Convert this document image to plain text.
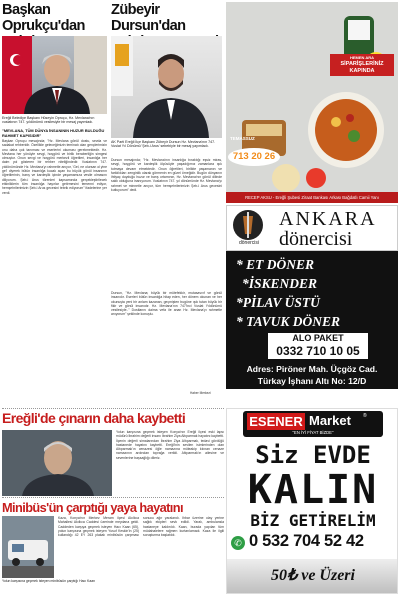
Başkan Oprukçu'dan
Ereğli Belediye Başkanı Hüseyin Opruçu, Hz. Mevlana'nın vuslatının 747. yıldönümü vesilesiyle bir mesaj yayımladı.
"MEVLANA, TÜM DÜNYA İNSANININ HUZUR BULDUĞU RAHMET KAPISIDIR"
Başkan Opruçu mesajında; "Hz. Mevlana gönül dostu, sevda ve sadakat rehberidir. Özellikle geleceğimizin teminatı olan gençlerimizin onu daha çok tanıması ve eserlerini okuması gerekmektedir. Hz. Mevlana her yönüyle sevgi, hoşgörü ve birlik beraberliğin simgesi olmuştur. Onun sevgi ve hoşgörü merkezli öğretileri, insanlığa her daim yol gösteren bir rehber niteliğindedir. Vuslatının 747. yıldönümünde Hz. Mevlana'yı rahmetle anıyor, 'Gel, ne olursan ol yine gel' diyerek bütün insanlığa kucak açan bu büyük gönül insanının öğretilerinin, barış ve kardeşlik içinde yaşamamıza vesile olmasını diliyorum. Şeb-i Arus törenleri kapsamında gerçekleştirilecek etkinliklerin tüm insanlığa hayırlar getirmesini temenni ediyor, hemşehrilerimizin Şeb-i Arus gecesini tebrik ediyorum" ifadelerine yer verdi.
Zübeyir Dursun'dan
AK Parti Ereğli İlçe Başkanı Zübeyir Dursun Hz. Mevlana'nın 747. Vuslat Yıl Dönümü 'Şeb-i Arus' sebebiyle bir mesaj yayımladı.
Dursun mesajında; "Hz. Mevlana'nın insanlığa bıraktığı eşsiz miras, sevgi, hoşgörü ve kardeşlik ölçüsüyle yaşadığımız zamanlara ışık tutmaya devam etmektedir. Onun öğretileri, birlikte yaşamanın ve farklılıkları zenginlik olarak görmenin en güzel örneğidir. Bugün dünyanın ihtiyaç duyduğu huzur ve barış ortamının, Hz. Mevlana'nın gönül dilinde saklı olduğuna inanıyorum. Vuslatının 747. yıl dönümünde Hz. Mevlana'yı rahmet ve minnetle anıyor, tüm hemşehrilerimizin Şeb-i Arus gecesini kutluyorum" dedi.
HEMEN ARA
SİPARİŞLERİNİZ KAPINDA
713 20 26
TEMASSUZ
RECEP AKSU - Ereğli Şubesi Ziraat Bankası Arkası Bağdatlı Camii Yanı
dönercisi
ANKARA
dönercisi
* ET DÖNER
*İSKENDER
*PİLAV ÜSTÜ
* TAVUK DÖNER
ALO PAKET
0332 710 10 05
Adres: Piröner Mah. Üçgöz Cad.
Türkay İşhanı Altı No: 12/D
Dursun, "Hz. Mevlana; büyük bir mütefekkir, mutasavvıf ve gönül insanıdır. Eserleri bütün insanlığa hitap eden, her dönem okunan ve her okunuşta yeni bir anlam kazanan, geçmişten bugüne ışık tutan büyük bir fikir ve gönül insanıdır. Hz. Mevlana'nın 747'inci Vuslat Yıldönümü vesilesiyle.." Dostlarını daima vefa ile anan Hz. Mevlana'yı rahmetle anıyorum" şeklinde konuştu.
Haber Merkezi
Ereğli'de çınarın daha kaybetti
Yolun karşısına geçmek isteyen Konya'nın Ereğli ilçesi eski lapsı müdürü Ibrahim değerli insanı İbrahim Ziya Altıparmak hayatını kaybetti. İlçenin değerli simalarından İbrahim Ziya Altıparmak, tedavi gördüğü hastanede hayatını kaybetti. Ereğli'nin sevilen isimlerinden olan Altıparmak'ın cenazesi öğle namazına müteakip kılınan cenaze namazının ardından toprağa verildi. Altıparmak'ın ailesine ve sevenlerine başsağlığı dileriz.
Minibüs'ün çarptığı yaya hayatını
Yolun karşısına geçmek isteyen minibüsün çarptığı Hacı Kaan
Kaza, Konya'nın Merkez Meram ilçesi Akıllıca Mahallesi Akıllıca Caddesi üzerinde meydana geldi. Caddeden karşıya geçmek isteyen Hacı Kaan (65), yolun karşısına geçmek isteyen Yusuf Keskin'in (25) kullandığı 42 EY 263 plakalı minibüsün çarpması sonucu ağır yaralandı. İhbar üzerine olay yerine sağlık ekipleri sevk edildi. Yaralı, ambulansla hastaneye kaldırıldı. Kaan, burada yapılan tüm müdahalelere rağmen kurtarılamadı. Kaza ile ilgili soruşturma başlatıldı.
ESENER Market ®
"EN İYİ FİYAT BİZDE"
Siz EVDE
KALIN
BİZ GETİRELİM
✆ 0 532 704 52 42
50₺ ve Üzeri
